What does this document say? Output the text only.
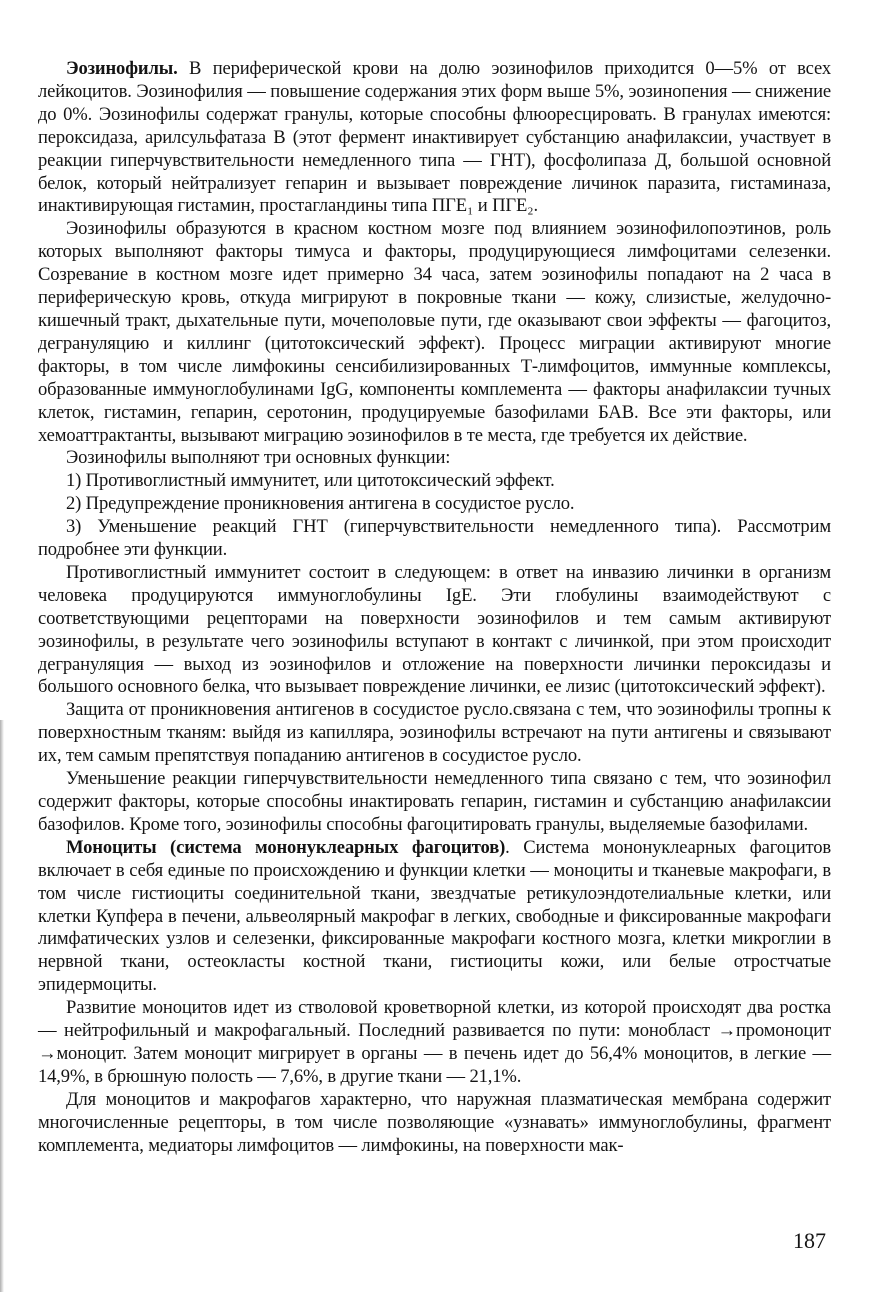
Эозинофилы. В периферической крови на долю эозинофилов приходится 0—5% от всех лейкоцитов. Эозинофилия — повышение содержания этих форм выше 5%, эозинопения — снижение до 0%. Эозинофилы содержат гранулы, которые способны флюоресцировать. В гранулах имеются: пероксидаза, арилсульфатаза В (этот фермент инактивирует субстанцию анафилаксии, участвует в реакции гиперчувствительности немедленного типа — ГНТ), фосфолипаза Д, большой основной белок, который нейтрализует гепарин и вызывает повреждение личинок паразита, гистаминаза, инактивирующая гистамин, простагландины типа ПГЕ₁ и ПГЕ₂.

Эозинофилы образуются в красном костном мозге под влиянием эозинофилопоэтинов, роль которых выполняют факторы тимуса и факторы, продуцирующиеся лимфоцитами селезенки. Созревание в костном мозге идет примерно 34 часа, затем эозинофилы попадают на 2 часа в периферическую кровь, откуда мигрируют в покровные ткани — кожу, слизистые, желудочно-кишечный тракт, дыхательные пути, мочеполовые пути, где оказывают свои эффекты — фагоцитоз, дегрануляцию и киллинг (цитотоксический эффект). Процесс миграции активируют многие факторы, в том числе лимфокины сенсибилизированных Т-лимфоцитов, иммунные комплексы, образованные иммуноглобулинами IgG, компоненты комплемента — факторы анафилаксии тучных клеток, гистамин, гепарин, серотонин, продуцируемые базофилами БАВ. Все эти факторы, или хемоаттрактанты, вызывают миграцию эозинофилов в те места, где требуется их действие.

Эозинофилы выполняют три основных функции:

1) Противоглистный иммунитет, или цитотоксический эффект.

2) Предупреждение проникновения антигена в сосудистое русло.

3) Уменьшение реакций ГНТ (гиперчувствительности немедленного типа). Рассмотрим подробнее эти функции.

Противоглистный иммунитет состоит в следующем: в ответ на инвазию личинки в организм человека продуцируются иммуноглобулины IgE. Эти глобулины взаимодействуют с соответствующими рецепторами на поверхности эозинофилов и тем самым активируют эозинофилы, в результате чего эозинофилы вступают в контакт с личинкой, при этом происходит дегрануляция — выход из эозинофилов и отложение на поверхности личинки пероксидазы и большого основного белка, что вызывает повреждение личинки, ее лизис (цитотоксический эффект).

Защита от проникновения антигенов в сосудистое русло.связана с тем, что эозинофилы тропны к поверхностным тканям: выйдя из капилляра, эозинофилы встречают на пути антигены и связывают их, тем самым препятствуя попаданию антигенов в сосудистое русло.

Уменьшение реакции гиперчувствительности немедленного типа связано с тем, что эозинофил содержит факторы, которые способны инактировать гепарин, гистамин и субстанцию анафилаксии базофилов. Кроме того, эозинофилы способны фагоцитировать гранулы, выделяемые базофилами.

Моноциты (система мононуклеарных фагоцитов). Система мононуклеарных фагоцитов включает в себя единые по происхождению и функции клетки — моноциты и тканевые макрофаги, в том числе гистиоциты соединительной ткани, звездчатые ретикулоэндотелиальные клетки, или клетки Купфера в печени, альвеолярный макрофаг в легких, свободные и фиксированные макрофаги лимфатических узлов и селезенки, фиксированные макрофаги костного мозга, клетки микроглии в нервной ткани, остеокласты костной ткани, гистиоциты кожи, или белые отростчатые эпидермоциты.

Развитие моноцитов идет из стволовой кроветворной клетки, из которой происходят два ростка — нейтрофильный и макрофагальный. Последний развивается по пути: монобласт →промоноцит →моноцит. Затем моноцит мигрирует в органы — в печень идет до 56,4% моноцитов, в легкие — 14,9%, в брюшную полость — 7,6%, в другие ткани — 21,1%.

Для моноцитов и макрофагов характерно, что наружная плазматическая мембрана содержит многочисленные рецепторы, в том числе позволяющие «узнавать» иммуноглобулины, фрагмент комплемента, медиаторы лимфоцитов — лимфокины, на поверхности мак-

187
